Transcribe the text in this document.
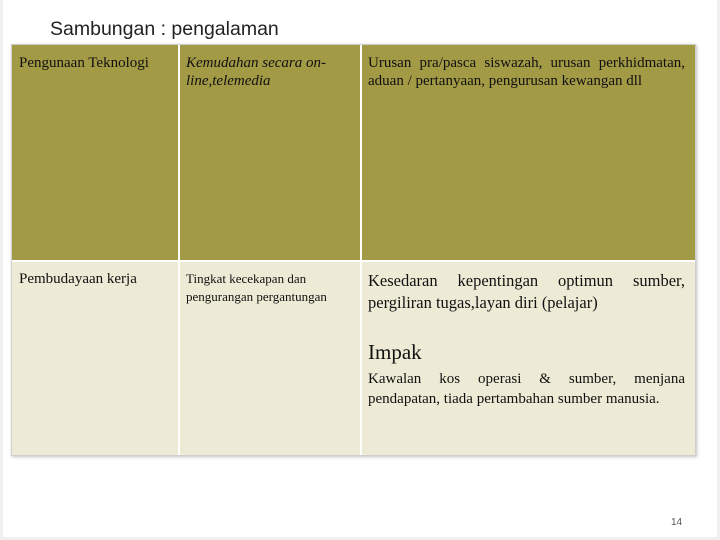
Sambungan : pengalaman
Pengunaan Teknologi	Kemudahan secara on-line,telemedia
Urusan pra/pasca siswazah, urusan perkhidmatan, aduan / pertanyaan, pengurusan kewangan dll
Pembudayaan kerja	Tingkat kecekapan dan pengurangan pergantungan
Kesedaran kepentingan optimun sumber, pergiliran tugas,layan diri (pelajar)
Impak
Kawalan kos operasi & sumber, menjana pendapatan, tiada pertambahan sumber manusia.
14
